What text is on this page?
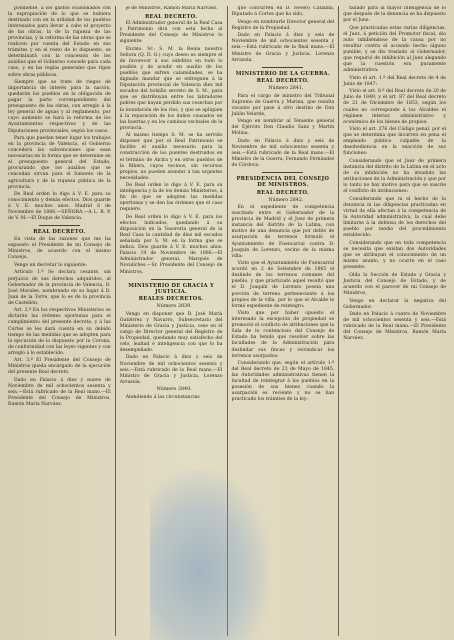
pondiente, á los gastos ocasionados con la expropiación de lo que se hubiera destinado con en la utilidad de los pueblos interesados para llevar á cabo el proyecto de las obras, la de la riqueza de las provincias, y la reforma de las obras que se realicen por cuenta del Estado en sus trámites y en el resto de lo dispuesto, se determinará con la concesión de los auxilios que el Gobierno concede para cada caso, y en las reglas generales que rigen sobre obras públicas.

Siempre que se trate de riegos de importancia de interés para la nación, quedarán los pueblos en la obligación de pagar la parte correspondiente del presupuesto de las obras, con arreglo á la ley general de aguas y al reglamento, por cuyo aumento se hará la reforma de los Ayuntamientos respectivos y de las Diputaciones provinciales, según los casos.

Para que puedan tener lugar los trabajos en la provincia de Valencia, el Gobierno concederá las subvenciones que sean necesarias en la forma que se determine en el presupuesto general del Estado, procurando que los auxilios que se concedan sirvan para el fomento de la agricultura y de la riqueza pública de la provincia.

De Real orden lo digo á V. E. para su conocimiento y demás efectos. Dios guarde á V. E. muchos años. Madrid 8 de Noviembre de 1866.—SEÑORA.—A L. R. P. de V. M.—El Duque de Valencia.

REAL DECRETO.

En vista de las razones que me ha expuesto el Presidente de mi Consejo de Ministros, de acuerdo con el mismo Consejo,

Vengo en decretar lo siguiente:

Artículo 1.º Se declara cesante, sin perjuicio de sus derechos adquiridos, al Gobernador de la provincia de Valencia, D. José Morales, nombrando en su lugar á D. Juan de la Torre, que lo es de la provincia de Castellón.

Art. 2.º En los respectivos Ministerios se dictarán las órdenes oportunas para el cumplimiento del presente decreto, y á las Cortes se les dará cuenta en su debido tiempo de las medidas que se adopten para la ejecución de lo dispuesto por la Corona, de conformidad con las leyes vigentes y con arreglo á lo establecido.

Art. 3.º El Presidente del Consejo de Ministros queda encargado de la ejecución del presente Real decreto.

Dado en Palacio á diez y nueve de Noviembre de mil ochocientos sesenta y seis.—Está rubricado de la Real mano.—El Presidente del Consejo de Ministros, Ramón María Narváez.

je de Ministros, Ramón María Narváez.

REAL DECRETO.

El Administrador general de la Real Casa y Patrimonio dirá con esta fecha al Presidente del Consejo de Ministros lo siguiente:

Excmo. Sr.: S. M. la Reina nuestra Señora (Q. D. G.) cuyo deseo es siempre el de favorecer á sus súbditos en todo lo posible y de acudir en auxilio de los pueblos que sufren calamidades, se ha dignado mandar que se entreguen á la Diputación provincial de Valencia diez mil escudos del bolsillo secreto de S. M., para que se distribuyan entre los labradores pobres que hayan perdido sus cosechas por la inundación de los ríos, y que se apliquen á la reparación de los daños causados en las huertas y en los caminos vecinales de la provincia.

Al mismo tiempo S. M. se ha servido disponer que por el Real Patrimonio se facilite el auxilio necesario para la construcción de los puentes destruidos en el término de Alcira y en otros pueblos de la Ribera, cuyos vecinos, sin recursos propios, no pueden atender á tan urgentes necesidades.

De Real orden lo digo á V. E. para su inteligencia y la de los demás Ministerios, á fin de que se adopten las medidas oportunas y se den las órdenes que el caso requiere.

De Real orden lo digo á V. E. para los efectos indicados, quedando á su disposición en la Tesorería general de la Real Casa la cantidad de diez mil escudos señalada por S. M. en la forma que se indica. Dios guarde á V. E. muchos años. Palacio 19 de Noviembre de 1866.—El Administrador general, Marqués de Novaliches.—Sr. Presidente del Consejo de Ministros.

MINISTERIO DE GRACIA Y JUSTICIA.

REALES DECRETOS.

Número 2839.

Vengo en disponer que D. José María Gutiérrez y Navarro, Subsecretario del Ministerio de Gracia y Justicia, cese en el cargo de Director general del Registro de la Propiedad, quedando muy satisfecho del celo, lealtad é inteligencia con que lo ha desempeñado.

Dado en Palacio á diez y seis de Noviembre de mil ochocientos sesenta y seis.—Está rubricado de la Real mano.—El Ministro de Gracia y Justicia, Lorenzo Arrazola.

Número 2840.

Atendiendo á las circunstancias

que concurren en D. Severo Catalina, Diputado á Cortes que ha sido,

Vengo en nombrarle Director general del Registro de la Propiedad.

Dado en Palacio á diez y seis de Noviembre de mil ochocientos sesenta y seis.—Está rubricado de la Real mano.—El Ministro de Gracia y Justicia, Lorenzo Arrazola.

MINISTERIO DE LA GUERRA.

REAL DECRETO.

Número 2841.

Para el cargo de ministro del Tribunal Supremo de Guerra y Marina, que resulta vacante por pase á otro destino de Don Julián Velarde,

Vengo en nombrar al Teniente general del Ejército Don Claudio Sanz y Martín Molina.

Dado en Palacio á diez y seis de Noviembre de mil ochocientos sesenta y seis.—Está rubricado de la Real mano.—El Ministro de la Guerra, Fernando Fernández de Córdova.

PRESIDENCIA DEL CONSEJO DE MINISTROS.

REAL DECRETO.

Número 2842.

En el expediente de competencia suscitado entre el Gobernador de la provincia de Madrid y el Juez de primera instancia del distrito de la Latina, con motivo de una denuncia que por delito de usurpación de terrenos formuló el Ayuntamiento de Fuencarral contra D. Joaquín de Lorenzo, vecino de la misma villa:

Visto que el Ayuntamiento de Fuencarral acordó en 2 de Setiembre de 1865 el deslinde de los terrenos comunes del pueblo, y que practicado aquel resultó que el D. Joaquín de Lorenzo poseía una porción de terreno perteneciente á los propios de la villa, por lo que el Alcalde le formó expediente de reintegro:

Visto que por haber opuesto el interesado la excepción de propiedad se promovió el conflicto de atribuciones que la Sala de lo contencioso del Consejo de Estado ha tenido que resolver sobre las facultades de la Administración para deslindar sus fincas y reivindicar los terrenos usurpados:

Considerando que, según el artículo 1.º del Real decreto de 23 de Mayo de 1845, las Autoridades administrativas tienen la facultad de reintegrar á los pueblos en la posesión de sus bienes cuando la usurpación es reciente y no se han practicado los trámites de la ley:

fallado para la mayor inteligencia de lo que después de la denuncia se ha dispuesto por el Juez:

Que practicadas estas varias diligencias, el Juez, á petición del Promotor fiscal, dio auto inhibiéndose de la causa por no resultar contra el acusado hecho alguno punible, y se dio traslado al Gobernador, que requirió de inhibición al Juez alegando que la cuestión era puramente administrativa:

Visto el art. 1.º del Real decreto de 4 de Junio de 1847:

Visto el art. 8.º del Real decreto de 20 de Julio de 1849, y el art. 87 del Real decreto de 21 de Diciembre de 1853, según los cuales no corresponde á los Alcaldes el régimen interior, administrativo y económico de los bienes de propios:

Visto el art. 276 del Código penal, por el que se determina que incurren en pena el empleado público culpable de la desobediencia en la exacción de sus funciones:

Considerando que el Juez de primera instancia del distrito de la Latina en el acto de su inhibición no ha invadido las atribuciones de la Administración y que por lo tanto no hay motivo para que se suscite el conflicto de atribuciones:

Considerando que ni el hecho de la denuncia ni las diligencias practicadas en virtud de ella afectan á la competencia de la Autoridad administrativa, la cual debe limitarse á la defensa de los derechos del pueblo por medio del procedimiento establecido:

Considerando que en toda competencia se necesita que existan dos Autoridades que se atribuyan el conocimiento de un mismo asunto, y no ocurre en el caso presente:

Oída la Sección de Estado y Gracia y Justicia del Consejo de Estado, y de acuerdo con el parecer de mi Consejo de Ministros,

Vengo en declarar la negativa del Gobernador.

Dado en Palacio á cuatro de Noviembre de mil ochocientos sesenta y seis.—Está rubricado de la Real mano.—El Presidente del Consejo de Ministros, Ramón María Narváez.
